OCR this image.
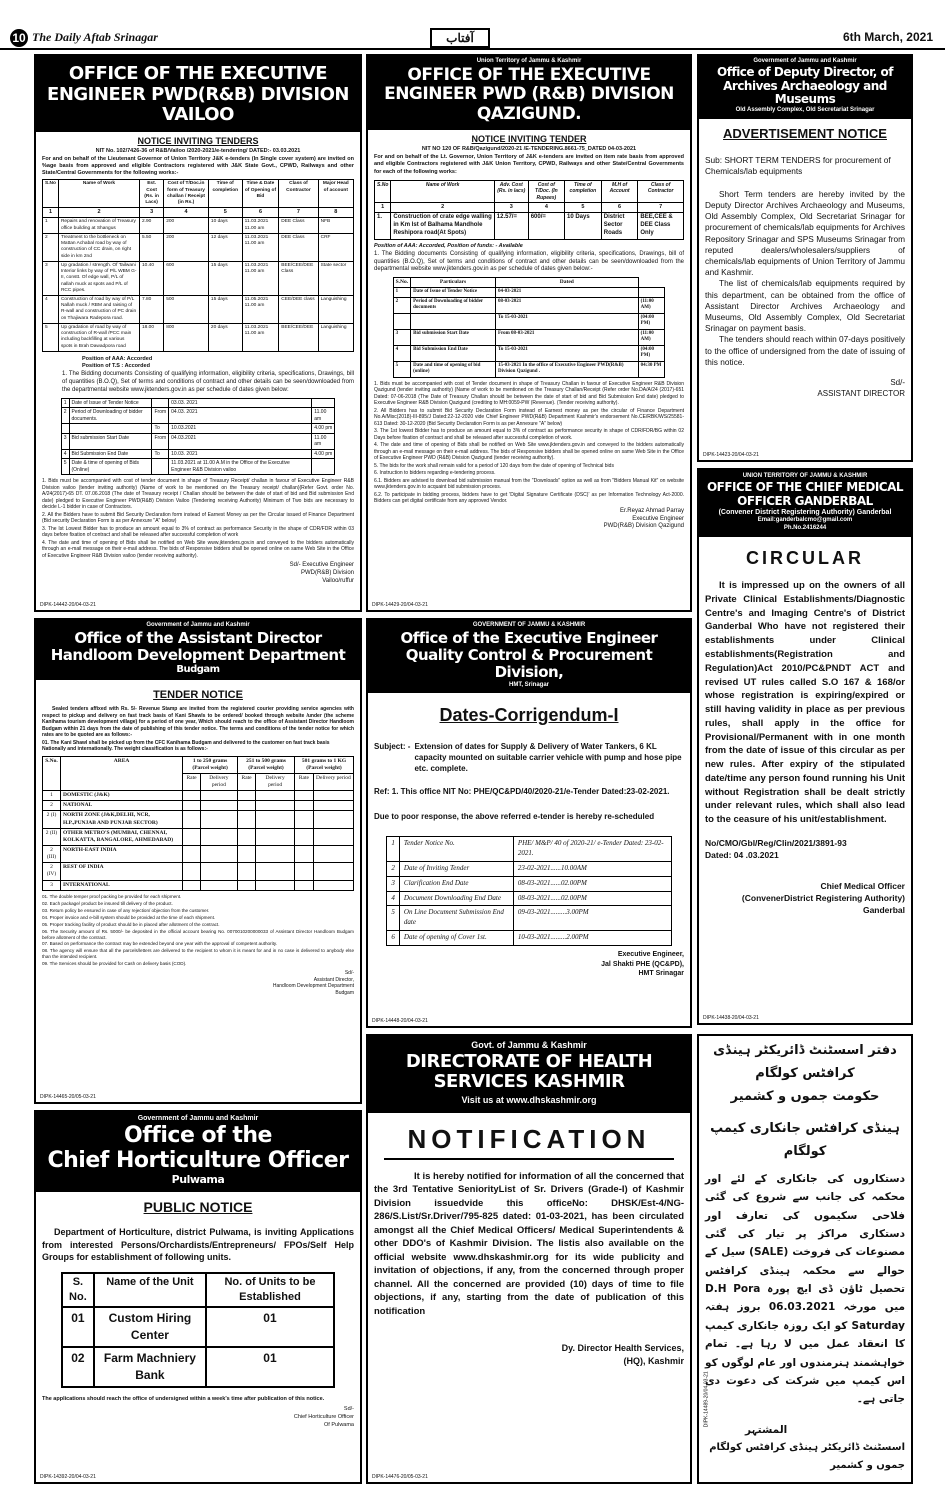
10 The Daily Aftab Srinagar	آفتاب	6th March, 2021
OFFICE OF THE EXECUTIVE ENGINEER PWD(R&B) DIVISION VAILOO
NOTICE INVITING TENDERS
NIT No. 102/7426-36 of R&B/Vailoo /2020-2021/e-tendering/ DATED:- 03.03.2021

For and on behalf of the Lieutenant Governor of Union Territory J&K e-tenders (In Single cover system) are invited on %age basis from approved and eligible Contractors registered with J&K State Govt., CPWD, Railways and other State/Central Governments for the following works:-

S.No	Name of Work	Est. Cost (Rs. in Lacs)	Cost of T/Doc.in form of Treasury challan / Receipt (in Rs.)	Time of completion	Time & Date of Opening of Bid	Class of Contractor	Major Head of account
1	2	3	4	5	6	7	8
1	Repairs and renovation of Treasury office building at Shangus	2.90	200	10 days	11.03.2021 11.00 am	DEE Class	NFB
2	Treatment to the bottleneck on Mattan Achabal road by way of construction of CC drain, on right side in km 2nd	5.50	200	12 days	11.03.2021 11.00 am	DEE Class	CRF
3	Up gradation / strength. Of Tailwani Interior links by way of P/L WBM G-II, constt. Of edge wall, P/L of nallah muck at spots and P/L of RCC pipes.	10.40	600	15 days	11.03.2021 11.00 am	BEE/CEE/DEE Class	State sector
4	Construction of road by way of P/L Nallah muck / RBM and raising of R-wall and construction of PC drain on Thajiwara Radepora road.	7.80	500	15 days	11.05.2021 11.00 am	CEE/DEE class	Languishing
5	Up gradation of road by way of construction of R-wall /PCC main including backfilling at various spots in Brah Dawadpora road	18.00	800	20 days	11.03.2021 11.00 am	BEE/CEE/DEE	Languishing
Position of AAA: Accorded
Position of T.S : Accorded

1. The Bidding documents Consisting of qualifying information, eligibility criteria, specifications, Drawings, bill of quantities (B.O.Q), Set of terms and conditions of contract and other details can be seen/downloaded from the departmental website www.jktenders.gov.in as per schedule of dates given below:

1	Date of Issue of Tender Notice		03.03. 2021	
2	Period of Downloading of bidder documents.	From	04.03. 2021	11.00 am
		To	10.03.2021	4.00 pm
3	Bid submission Start Date	From	04.03.2021	11.00 am
4	Bid Submission End Date	To	10.03. 2021	4.00 pm
5	Date & time of opening of Bids (Online)		11.03.2021 at 11.00 A.M in the Office of the Executive Engineer R&B Division vailoo	

1. Bids must be accompanied with cost of tender document in shape of Treasury Receipt/ challan in favour of Executive Engineer R&B Division vailoo (tender inviting authority) (Name of work to be mentioned on the Treasury receipt/ challan)(Refer Govt. order No. A/24(2017)-65 DT. 07.06.2018 (The date of Treasury receipt / Challan should be between the date of start of bid and Bid submission End date) pledged to Executive Engineer PWD(R&B) Division Vailoo (Tendering receiving Authority) Minimum of Two bids are necessary to decide L-1 bidder in case of Contractors.

2. All the Bidders have to submit Bid Security Declaration form instead of Earnest Money as per the Circular issued of Finance Department (Bid security Declaration Form is as per Annexure "A" below)

3. The Ist Lowest Bidder has to produce an amount equal to 3% of contract as performance Security in the shape of CDR/FDR within 03 days before fixation of contract and shall be released after successful completion of work

4. The date and time of opening of Bids shall be notified on Web Site www.jktenders.gov.in and conveyed to the bidders automatically through an e-mail message on their e-mail address. The bids of Responsive bidders shall be opened online on same Web Site in the Office of Executive Engineer R&B Division vailoo (tender receiving authority).

Sd/- Executive Engineer
PWD(R&B) Division
Vailoo/ruffur
DIPK-14442-20/04-03-21
Union Territory of Jammu & Kashmir
OFFICE OF THE EXECUTIVE ENGINEER PWD (R&B) DIVISION QAZIGUND.
NOTICE INVITING TENDER
NIT NO 120 OF R&B/Qazigund/2020-21 /E-TENDERING.8661-75_DATED 04-03-2021

For and on behalf of the Lt. Governor, Union Territory of J&K e-tenders are invited on item rate basis from approved and eligible Contractors registered with J&K Union Territory, CPWD, Railways and other State/Central Governments for each of the following works:

S.No	Name of Work	Adv. Cost (Rs. in lacs)	Cost of T/Doc. (In Rupees)	Time of completion	M.H of Account	Class of Contractor
1	2	3	4	5	6	7
1.	Construction of crate edge walling in Km Ist of Balhama Mandhole Reshipora road(At Spots)	12.57/=	600/=	10 Days	District Sector Roads	BEE,CEE & DEE Class Only

Position of AAA: Accorded, Position of funds: - Available

1. The Bidding documents Consisting of qualifying information, eligibility criteria, specifications, Drawings, bill of quantities (B.O.Q), Set of terms and conditions of contract and other details can be seen/downloaded from the departmental website www.jktenders.gov.in as per schedule of dates given below:-

S.No.	Particulars	Dated	
1	Date of Issue of Tender Notice	04-03-2021	
2	Period of Downloading of bidder documents	08-03-2021	(11:00 AM)
		To 15-03-2021	(04:00 PM)
3	Bid submission Start Date	From 08-03-2021	(11:00 AM)
4	Bid Submission End Date	To 15-03-2021	(04:00 PM)
5	Date and time of opening of bid (online)	15-03-2021 In the office of Executive Engineer PWD(R&B) Division Qazigund .	04:30 PM

1. Bids must be accompanied with cost of Tender document in shape of Treasury Challan in favour of Executive Engineer R&B Division Qazigund (tender inviting authority) (Name of work to be mentioned on the Treasury Challan/Receipt (Refer order No.DA/A/24 (2017)-651 Dated: 07-06-2018 (The Date of Treasury Challan should be between the date of start of bid and Bid Submission End date) pledged to Executive Engineer R&B Division Qazigund (crediting to MH:0059-PW (Revenue). (Tender receiving authority).

2. All Bidders has to submit Bid Security Declaration Form instead of Earnest money as per the circular of Finance Department No.A/Misc(2018)-III-895/J Dated:22-12-2020 vide Chief Engineer PWD(R&B) Department Kashmir's endorsement No.CE/RBK/WS/25581-613 Dated: 30-12-2020 (Bid Security Declaration Form is as per Annexure "A" below)

3. The 1st lowest Bidder has to produce an amount equal to 3% of contract as performance security in shape of CDR/FDR/BG within 02 Days before fixation of contract and shall be released after successful completion of work.

4. The date and time of opening of Bids shall be notified on Web Site www.jktenders.gov.in and conveyed to the bidders automatically through an e-mail message on their e-mail address. The bids of Responsive bidders shall be opened online on same Web Site in the Office of Executive Engineer PWD (R&B) Division Qazigund (tender receiving authority).

5. The bids for the work shall remain valid for a period of 120 days from the date of opening of Technical bids

6. Instruction to bidders regarding e-tendering process.

6.1. Bidders are advised to download bid submission manual from the "Downloads" option as well as from "Bidders Manual Kit" on website www.jktenders.gov.in to acquaint bid submission process.

6.2. To participate in bidding process, bidders have to get 'Digital Signature Certificate (DSC)' as per Information Technology Act-2000. Bidders can get digital certificate from any approved Vendor.

Er.Reyaz Ahmad Parray
Executive Engineer
PWD(R&B) Division Qazigund
DIPK-14429-20/04-03-21
Government of Jammu and Kashmir
Office of Deputy Director, of Archives Archaeology and Museums
Old Assembly Complex, Old Secretariat Srinagar
ADVERTISEMENT NOTICE

Sub: SHORT TERM TENDERS for procurement of Chemicals/lab equipments

Short Term tenders are hereby invited by the Deputy Director Archives Archaeology and Museums, Old Assembly Complex, Old Secretariat Srinagar for procurement of chemicals/lab equipments for Archives Repository Srinagar and SPS Museums Srinagar from reputed dealers/wholesalers/suppliers of chemicals/lab equipments of Union Territory of Jammu and Kashmir.

The list of chemicals/lab equipments required by this department, can be obtained from the office of Assistant Director Archives Archaeology and Museums, Old Assembly Complex, Old Secretariat Srinagar on payment basis.

The tenders should reach within 07-days positively to the office of undersigned from the date of issuing of this notice.

Sd/-
ASSISTANT DIRECTOR
DIPK-14423-20/04-03-21
UNION TERRITORY OF JAMMU & KASHMIR
OFFICE OF THE CHIEF MEDICAL OFFICER GANDERBAL
(Convener District Registering Authority) Ganderbal
Email:ganderbalcmo@gmail.com
Ph.No.2416244
CIRCULAR

It is impressed up on the owners of all Private Clinical Establishments/Diagnostic Centre's and Imaging Centre's of District Ganderbal Who have not registered their establishments under Clinical establishments(Registration and Regulation)Act 2010/PC&PNDT ACT and revised UT rules called S.O 167 & 168/or whose registration is expiring/expired or still having validity in place as per previous rules, shall apply in the office for Provisional/Permanent with in one month from the date of issue of this circular as per new rules. After expiry of the stipulated date/time any person found running his Unit without Registration shall be dealt strictly under relevant rules, which shall also lead to the ceasure of his unit/establishment.

No/CMO/Gbl/Reg/Clin/2021/3891-93

Dated: 04 .03.2021

Chief Medical Officer
(ConvenerDistrict Registering Authority)
Ganderbal
DIPK-14438-20/04-03-21
Government of Jammu and Kashmir
Office of the Assistant Director Handloom Development Department
Budgam
TENDER NOTICE

Sealed tenders affixed with Rs. 5/- Revenue Stamp are invited from the registered courier providing service agencies with respect to pickup and delivery on fast track basis of Kani Shawls to be ordered/ booked through website /under (the scheme Kanihama tourism development village) for a period of one year, Which should reach to the office of Assistant Director Handloom Budgam within 21 days from the date of publishing of this tender notice. The terms and conditions of the tender notice for which rates are to be quoted are as follows:-

01. The Kani Shawl shall be picked up from the CFC Kanihama Budgam and delivered to the customer on fast track basis Nationally and internationally. The weight classification is as follows:-

S.No.	AREA	1 to 250 grams (Parcel weight)		251 to 500 grams (Parcel weight)		501 grams to 1 KG (Parcel weight)	
		Rate	Delivery period	Rate	Delivery period	Rate	Delivery period
1	DOMESTIC (J&K)						
2	NATIONAL						
2 (I)	NORTH ZONE (J&K,DELHI, NCR, H.P.,PUNJAB AND PUNJAB SECTOR)						
2 (II)	OTHER METRO'S (MUMBAI, CHENNAI, KOLKATTA, BANGALORE, AHMEDABAD)						
2 (III)	NORTH-EAST INDIA						
2 (IV)	REST OF INDIA						
3	INTERNATIONAL						

01. The double temper proof packing be provided for each shipment.

02. Each package/ product be insured till delivery of the product.

03. Return policy be ensured in case of any rejection/ objection from the customer.

04. Proper invoice and e-bill system should be provided at the time of each shipment.

05. Proper tracking facility of product should be in placed after allotment of the contract.

06. The Security amount of Rs. 5000/- be deposited in the official account bearing No. 0070010200000033 of Assistant Director Handloom Budgam before allotment of the contract.

07. Based on performance the contract may be extended beyond one year with the approval of competent authority.

08. The agency will ensure that all the parcels/letters are delivered to the recipient to whom it is meant for and in no case is delivered to anybody else than the intended recipient.

09. The Services should be provided for Cash on delivery basis (COD).

Sd/-
Assistant Director,
Handloom Development Department
Budgam
DIPK-14465-20/05-03-21
GOVERNMENT OF JAMMU & KASHMIR
Office of the Executive Engineer Quality Control & Procurement Division,
HMT, Srinagar
Dates-Corrigendum-I
Subject: - Extension of dates for Supply & Delivery of Water Tankers, 6 KL capacity mounted on suitable carrier vehicle with pump and hose pipe etc. complete.

Ref: 1. This office NIT No: PHE/QC&PD/40/2020-21/e-Tender Dated:23-02-2021.

Due to poor response, the above referred e-tender is hereby re-scheduled

1	Tender Notice No.	PHE/ M&P/ 40 of 2020-21/ e-Tender Dated: 23-02-2021.
2	Date of Inviting Tender	23-02-2021......10.00AM
3	Clarification End Date	08-03-2021......02.00PM
4	Document Downloading End Date	08-03-2021......02.00PM
5	On Line Document Submission End date	09-03-2021.........3.00PM
6	Date of opening of Cover 1st.	10-03-2021.........2.00PM
Executive Engineer,
Jal Shakti PHE (QC&PD),
HMT Srinagar
DIPK-14448-20/04-03-21
Government of Jammu and Kashmir
Office of the
Chief Horticulture Officer
Pulwama
PUBLIC NOTICE

Department of Horticulture, district Pulwama, is inviting Applications from interested Persons/Orchardists/Entrepreneurs/ FPOs/Self Help Groups for establishment of following units.

S. No.	Name of the Unit	No. of Units to be Established
01	Custom Hiring Center	01
02	Farm Machniery Bank	01

The applications should reach the office of undersigned within a week's time after publication of this notice.

Sd/-
Chief Horticulture Officer
Of Pulwama
DIPK-14392-20/04-03-21
Govt. of Jammu & Kashmir
DIRECTORATE OF HEALTH SERVICES KASHMIR
Visit us at www.dhskashmir.org
NOTIFICATION

It is hereby notified for information of all the concerned that the 3rd Tentative SeniorityList of Sr. Drivers (Grade-I) of Kashmir Division issuedvide this officeNo: DHSK/Est-4/NG-286/S.List/Sr.Driver/795-825 dated: 01-03-2021, has been circulated amongst all the Chief Medical Officers/ Medical Superintendents & other DDO's of Kashmir Division. The listis also available on the official website www.dhskashmir.org for its wide publicity and invitation of objections, if any, from the concerned through proper channel. All the concerned are provided (10) days of time to file objections, if any, starting from the date of publication of this notification

Dy. Director Health Services,
(HQ), Kashmir
DIPK-14476-20/05-03-21
دفتر اسسٹنٹ ڈائریکٹر ہینڈی کرافٹس کولگام
حکومت جموں و کشمیر
ہینڈی کرافٹس جانکاری کیمپ کولگام

دستکاروں کی جانکاری کے لئے اور محکمہ کی جانب سے شروع کی گئی فلاحی سکیموں کی تعارف اور دستکاری مراکز پر تیار کی گئی مصنوعات کی فروخت (SALE) سیل کے حوالے سے محکمہ ہینڈی کرافٹس تحصیل ٹاؤن ڈی ایچ پورہ D.H Pora میں مورخہ 06.03.2021 بروز ہفتہ Saturday کو ایک روزہ جانکاری کیمپ کا انعقاد عمل میں لا رہا ہے۔ تمام خواہشمند ہنرمندوں اور عام لوگوں کو اس کیمپ میں شرکت کی دعوت دی جاتی ہے۔

المشتہر
اسسٹنٹ ڈائریکٹر ہینڈی کرافٹس کولگام جموں و کشمیر
DIPK-14489-20/04-03-21
